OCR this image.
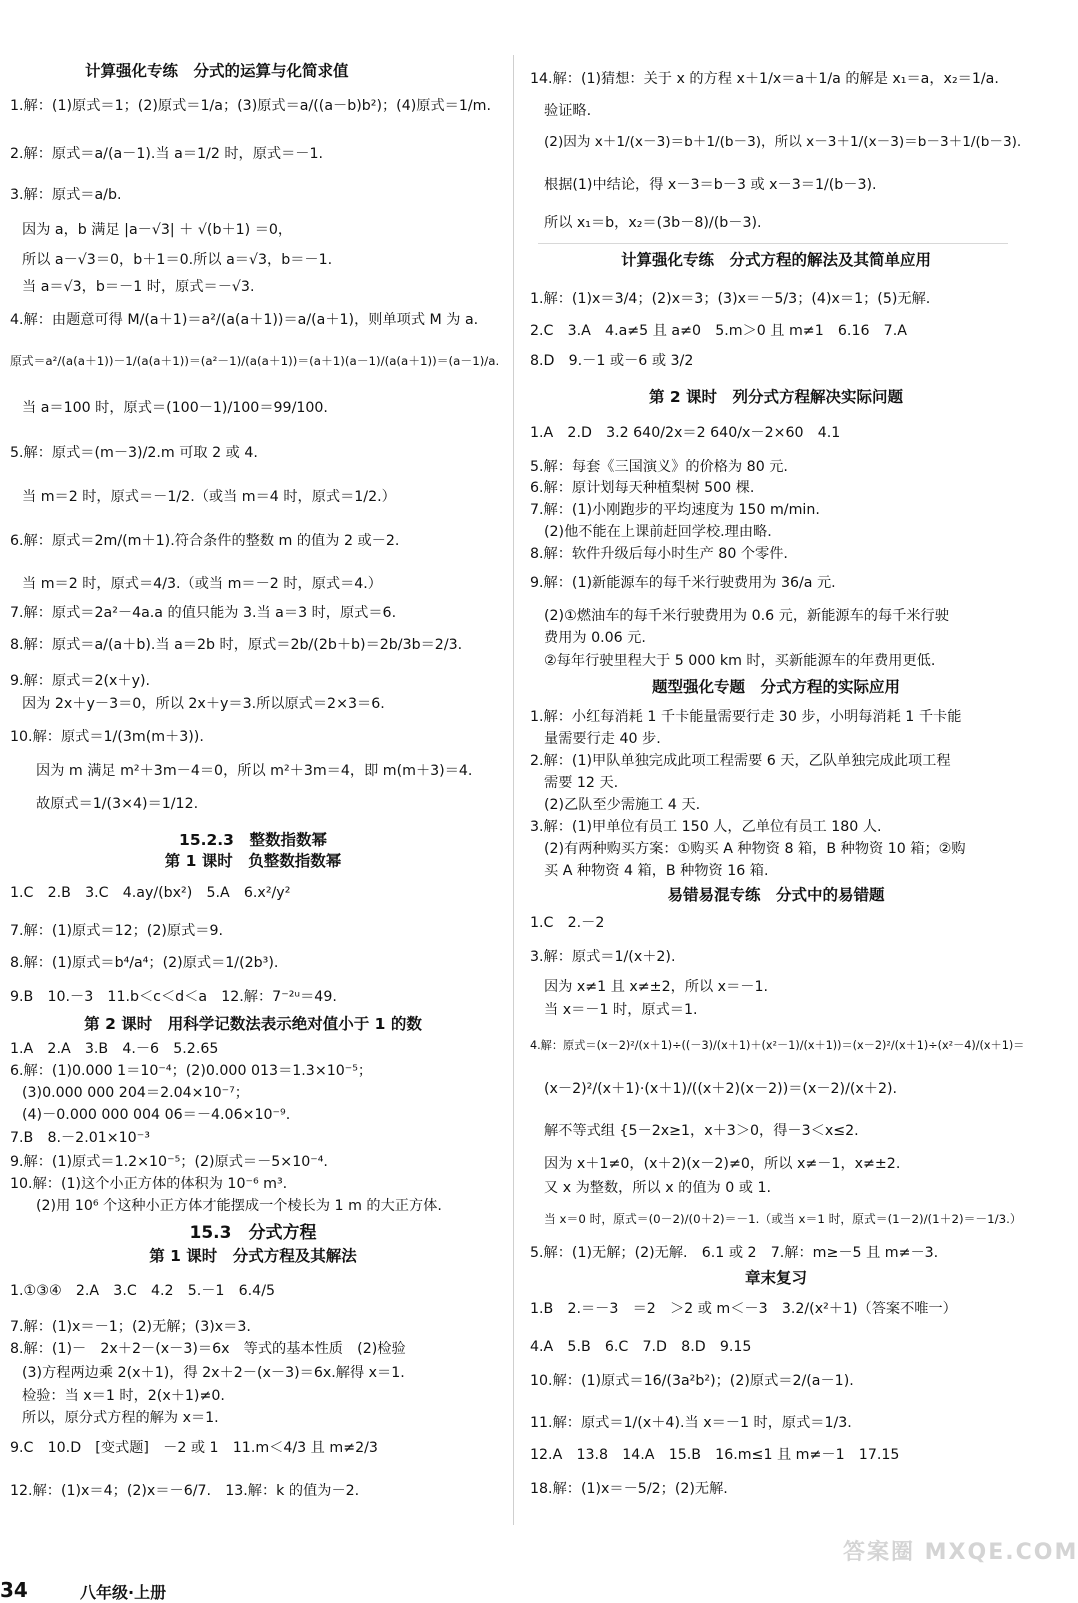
计算强化专练　分式的运算与化简求值
1.解：(1)原式＝1；(2)原式＝1/a；(3)原式＝a/((a－b)b²)；(4)原式＝1/m.
2.解：原式＝a/(a－1).当 a＝1/2 时，原式＝－1.
3.解：原式＝a/b.
因为 a，b 满足 |a－√3| ＋ √(b＋1) ＝0，
所以 a－√3＝0，b＋1＝0.所以 a＝√3，b＝－1.
当 a＝√3，b＝－1 时，原式＝－√3.
4.解：由题意可得 M/(a＋1)＝a²/(a(a＋1))＝a/(a＋1)，则单项式 M 为 a.
原式＝a²/(a(a＋1))－1/(a(a＋1))＝(a²－1)/(a(a＋1))＝(a＋1)(a－1)/(a(a＋1))＝(a－1)/a.
当 a＝100 时，原式＝(100－1)/100＝99/100.
5.解：原式＝(m－3)/2.m 可取 2 或 4.
当 m＝2 时，原式＝－1/2.（或当 m＝4 时，原式＝1/2.）
6.解：原式＝2m/(m＋1).符合条件的整数 m 的值为 2 或－2.
当 m＝2 时，原式＝4/3.（或当 m＝－2 时，原式＝4.）
7.解：原式＝2a²－4a.a 的值只能为 3.当 a＝3 时，原式＝6.
8.解：原式＝a/(a＋b).当 a＝2b 时，原式＝2b/(2b＋b)＝2b/3b＝2/3.
9.解：原式＝2(x＋y).
因为 2x＋y－3＝0，所以 2x＋y＝3.所以原式＝2×3＝6.
10.解：原式＝1/(3m(m＋3)).
因为 m 满足 m²＋3m－4＝0，所以 m²＋3m＝4，即 m(m＋3)＝4.
故原式＝1/(3×4)＝1/12.
15.2.3　整数指数幂
第 1 课时　负整数指数幂
1.C　2.B　3.C　4.ay/(bx²)　5.A　6.x²/y²
7.解：(1)原式＝12；(2)原式＝9.
8.解：(1)原式＝b⁴/a⁴；(2)原式＝1/(2b³).
9.B　10.－3　11.b＜c＜d＜a　12.解：7⁻²ᵘ＝49.
第 2 课时　用科学记数法表示绝对值小于 1 的数
1.A　2.A　3.B　4.－6　5.2.65
6.解：(1)0.000 1＝10⁻⁴；(2)0.000 013＝1.3×10⁻⁵；
(3)0.000 000 204＝2.04×10⁻⁷；
(4)－0.000 000 004 06＝－4.06×10⁻⁹.
7.B　8.－2.01×10⁻³
9.解：(1)原式＝1.2×10⁻⁵；(2)原式＝－5×10⁻⁴.
10.解：(1)这个小正方体的体积为 10⁻⁶ m³.
(2)用 10⁶ 个这种小正方体才能摆成一个棱长为 1 m 的大正方体.
15.3　分式方程
第 1 课时　分式方程及其解法
1.①③④　2.A　3.C　4.2　5.－1　6.4/5
7.解：(1)x＝－1；(2)无解；(3)x＝3.
8.解：(1)－　2x＋2－(x－3)＝6x　等式的基本性质　(2)检验
(3)方程两边乘 2(x＋1)，得 2x＋2－(x－3)＝6x.解得 x＝1.
检验：当 x＝1 时，2(x＋1)≠0.
所以，原分式方程的解为 x＝1.
9.C　10.D　[变式题]　－2 或 1　11.m＜4/3 且 m≠2/3
12.解：(1)x＝4；(2)x＝－6/7.　13.解：k 的值为－2.
14.解：(1)猜想：关于 x 的方程 x＋1/x＝a＋1/a 的解是 x₁＝a，x₂＝1/a.
验证略.
(2)因为 x＋1/(x－3)＝b＋1/(b－3)，所以 x－3＋1/(x－3)＝b－3＋1/(b－3).
根据(1)中结论，得 x－3＝b－3 或 x－3＝1/(b－3).
所以 x₁＝b，x₂＝(3b－8)/(b－3).
计算强化专练　分式方程的解法及其简单应用
1.解：(1)x＝3/4；(2)x＝3；(3)x＝－5/3；(4)x＝1；(5)无解.
2.C　3.A　4.a≠5 且 a≠0　5.m＞0 且 m≠1　6.16　7.A
8.D　9.－1 或－6 或 3/2
第 2 课时　列分式方程解决实际问题
1.A　2.D　3.2 640/2x＝2 640/x－2×60　4.1
5.解：每套《三国演义》的价格为 80 元.
6.解：原计划每天种植梨树 500 棵.
7.解：(1)小刚跑步的平均速度为 150 m/min.
(2)他不能在上课前赶回学校.理由略.
8.解：软件升级后每小时生产 80 个零件.
9.解：(1)新能源车的每千米行驶费用为 36/a 元.
(2)①燃油车的每千米行驶费用为 0.6 元，新能源车的每千米行驶
费用为 0.06 元.
②每年行驶里程大于 5 000 km 时，买新能源车的年费用更低.
题型强化专题　分式方程的实际应用
1.解：小红每消耗 1 千卡能量需要行走 30 步，小明每消耗 1 千卡能
量需要行走 40 步.
2.解：(1)甲队单独完成此项工程需要 6 天，乙队单独完成此项工程
需要 12 天.
(2)乙队至少需施工 4 天.
3.解：(1)甲单位有员工 150 人，乙单位有员工 180 人.
(2)有两种购买方案：①购买 A 种物资 8 箱，B 种物资 10 箱；②购
买 A 种物资 4 箱，B 种物资 16 箱.
易错易混专练　分式中的易错题
1.C　2.－2
3.解：原式＝1/(x＋2).
因为 x≠1 且 x≠±2，所以 x＝－1.
当 x＝－1 时，原式＝1.
4.解：原式＝(x－2)²/(x＋1)÷((－3)/(x＋1)＋(x²－1)/(x＋1))＝(x－2)²/(x＋1)÷(x²－4)/(x＋1)＝
(x－2)²/(x＋1)·(x＋1)/((x＋2)(x－2))＝(x－2)/(x＋2).
解不等式组 {5－2x≥1，x＋3＞0，得－3＜x≤2.
因为 x＋1≠0，(x＋2)(x－2)≠0，所以 x≠－1，x≠±2.
又 x 为整数，所以 x 的值为 0 或 1.
当 x＝0 时，原式＝(0－2)/(0＋2)＝－1.（或当 x＝1 时，原式＝(1－2)/(1＋2)＝－1/3.）
5.解：(1)无解；(2)无解.　6.1 或 2　7.解：m≥－5 且 m≠－3.
章末复习
1.B　2.＝－3　＝2　＞2 或 m＜－3　3.2/(x²＋1)（答案不唯一）
4.A　5.B　6.C　7.D　8.D　9.15
10.解：(1)原式＝16/(3a²b²)；(2)原式＝2/(a－1).
11.解：原式＝1/(x＋4).当 x＝－1 时，原式＝1/3.
12.A　13.8　14.A　15.B　16.m≤1 且 m≠－1　17.15
18.解：(1)x＝－5/2；(2)无解.
34	八年级·上册
答案圈 MXQE.COM
